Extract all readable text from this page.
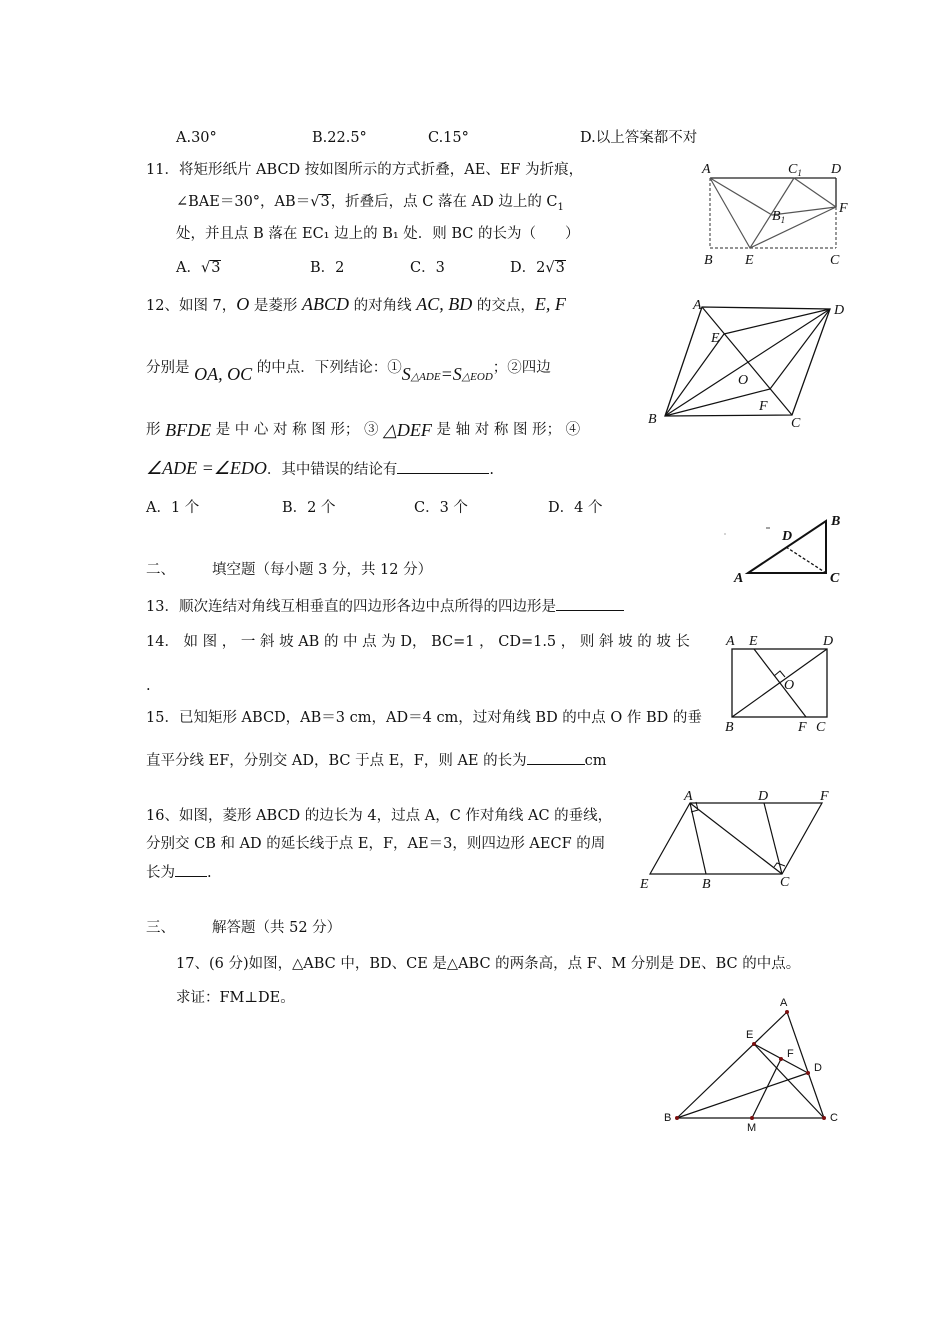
A.30°	B.22.5°	C.15°	D.以上答案都不对
11．将矩形纸片 ABCD 按如图所示的方式折叠，AE、EF 为折痕，
∠BAE＝30°，AB＝√3，折叠后，点 C 落在 AD 边上的 $C_1$
处，并且点 B 落在 EC₁ 边上的 B₁ 处．则 BC 的长为（　　）
A．√3	B．2	C．3	D．2√3
A	$C_1$ D
$B_1$
F
B E	C
12、如图 7，O 是菱形 ABCD 的对角线 AC, BD 的交点，E, F
分别是 OA, OC 的中点．下列结论：①S△ADE=S△EOD；②四边
形 BFDE 是 中 心 对 称 图 形； ③ △DEF 是 轴 对 称 图 形； ④
∠ADE =∠EDO．其中错误的结论有	.
A．1 个	B．2 个	C．3 个	D．4 个
A	D
E
O
F
B	C
D
B
A	C
二、	填空题（每小题 3 分，共 12 分）
13．顺次连结对角线互相垂直的四边形各边中点所得的四边形是
14． 如 图 ， 一 斜 坡 AB 的 中 点 为 D， BC=1 ， CD=1.5 ， 则 斜 坡 的 坡 长
.
15．已知矩形 ABCD，AB＝3 cm，AD＝4 cm，过对角线 BD 的中点 O 作 BD 的垂
直平分线 EF，分别交 AD，BC 于点 E，F，则 AE 的长为	cm
A E	D
O
B	F C
16、如图，菱形 ABCD 的边长为 4，过点 A，C 作对角线 AC 的垂线，
分别交 CB 和 AD 的延长线于点 E，F，AE＝3，则四边形 AECF 的周
长为 .
A	D	F
E	B	C
三、	解答题（共 52 分）
17、(6 分)如图，△ABC 中，BD、CE 是△ABC 的两条高，点 F、M 分别是 DE、BC 的中点。
求证：FM⊥DE。	A
E
F
D
B
M
C
